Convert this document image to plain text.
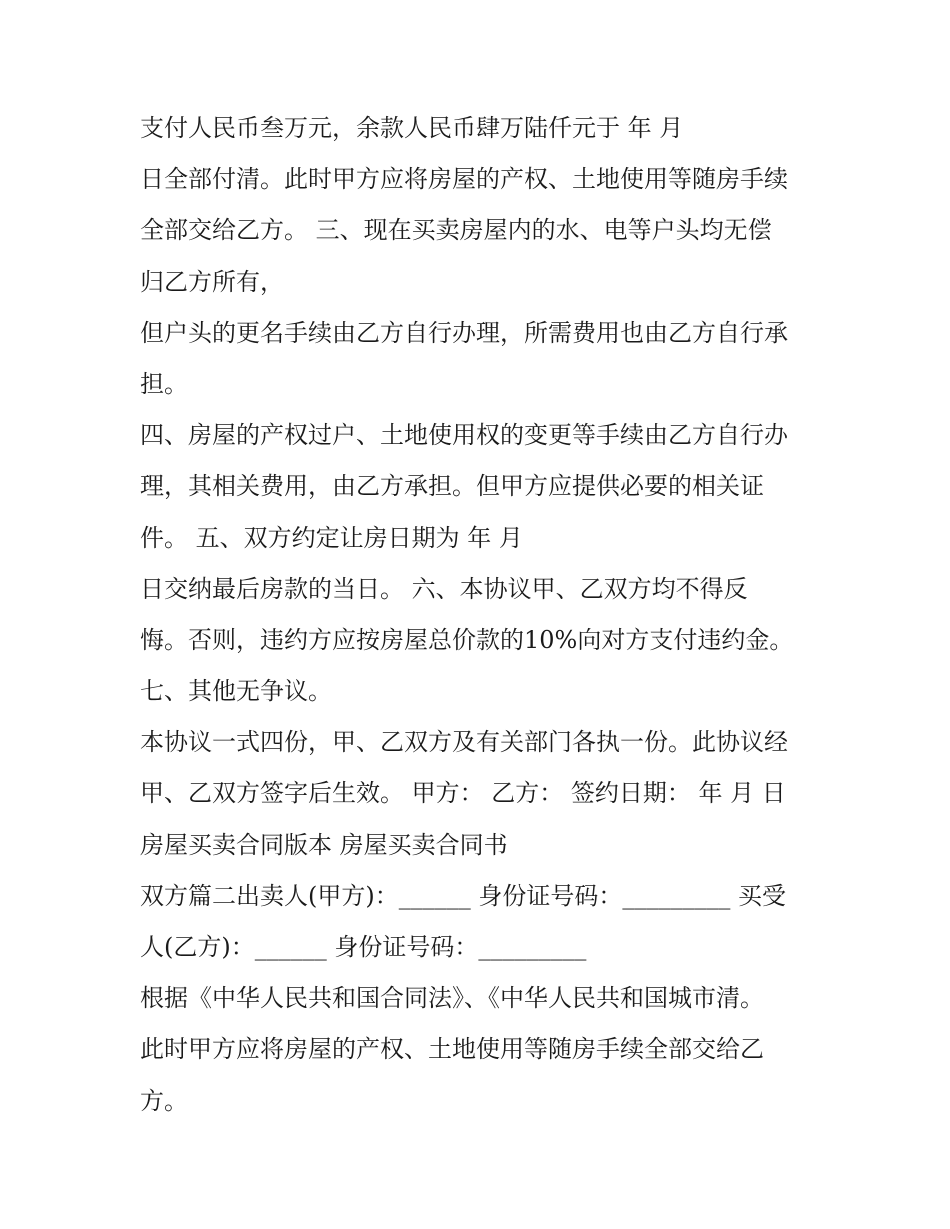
支付人民币叁万元，余款人民币肆万陆仟元于 年 月
日全部付清。此时甲方应将房屋的产权、土地使用等随房手续
全部交给乙方。 三、现在买卖房屋内的水、电等户头均无偿
归乙方所有，
但户头的更名手续由乙方自行办理，所需费用也由乙方自行承
担。
四、房屋的产权过户、土地使用权的变更等手续由乙方自行办
理，其相关费用，由乙方承担。但甲方应提供必要的相关证
件。 五、双方约定让房日期为 年 月
日交纳最后房款的当日。 六、本协议甲、乙双方均不得反
悔。否则，违约方应按房屋总价款的10%向对方支付违约金。
七、其他无争议。
本协议一式四份，甲、乙双方及有关部门各执一份。此协议经
甲、乙双方签字后生效。 甲方： 乙方： 签约日期： 年 月 日
房屋买卖合同版本 房屋买卖合同书
双方篇二出卖人(甲方)：______ 身份证号码：_________ 买受
人(乙方)：______ 身份证号码：_________
根据《中华人民共和国合同法》、《中华人民共和国城市清。
此时甲方应将房屋的产权、土地使用等随房手续全部交给乙
方。
